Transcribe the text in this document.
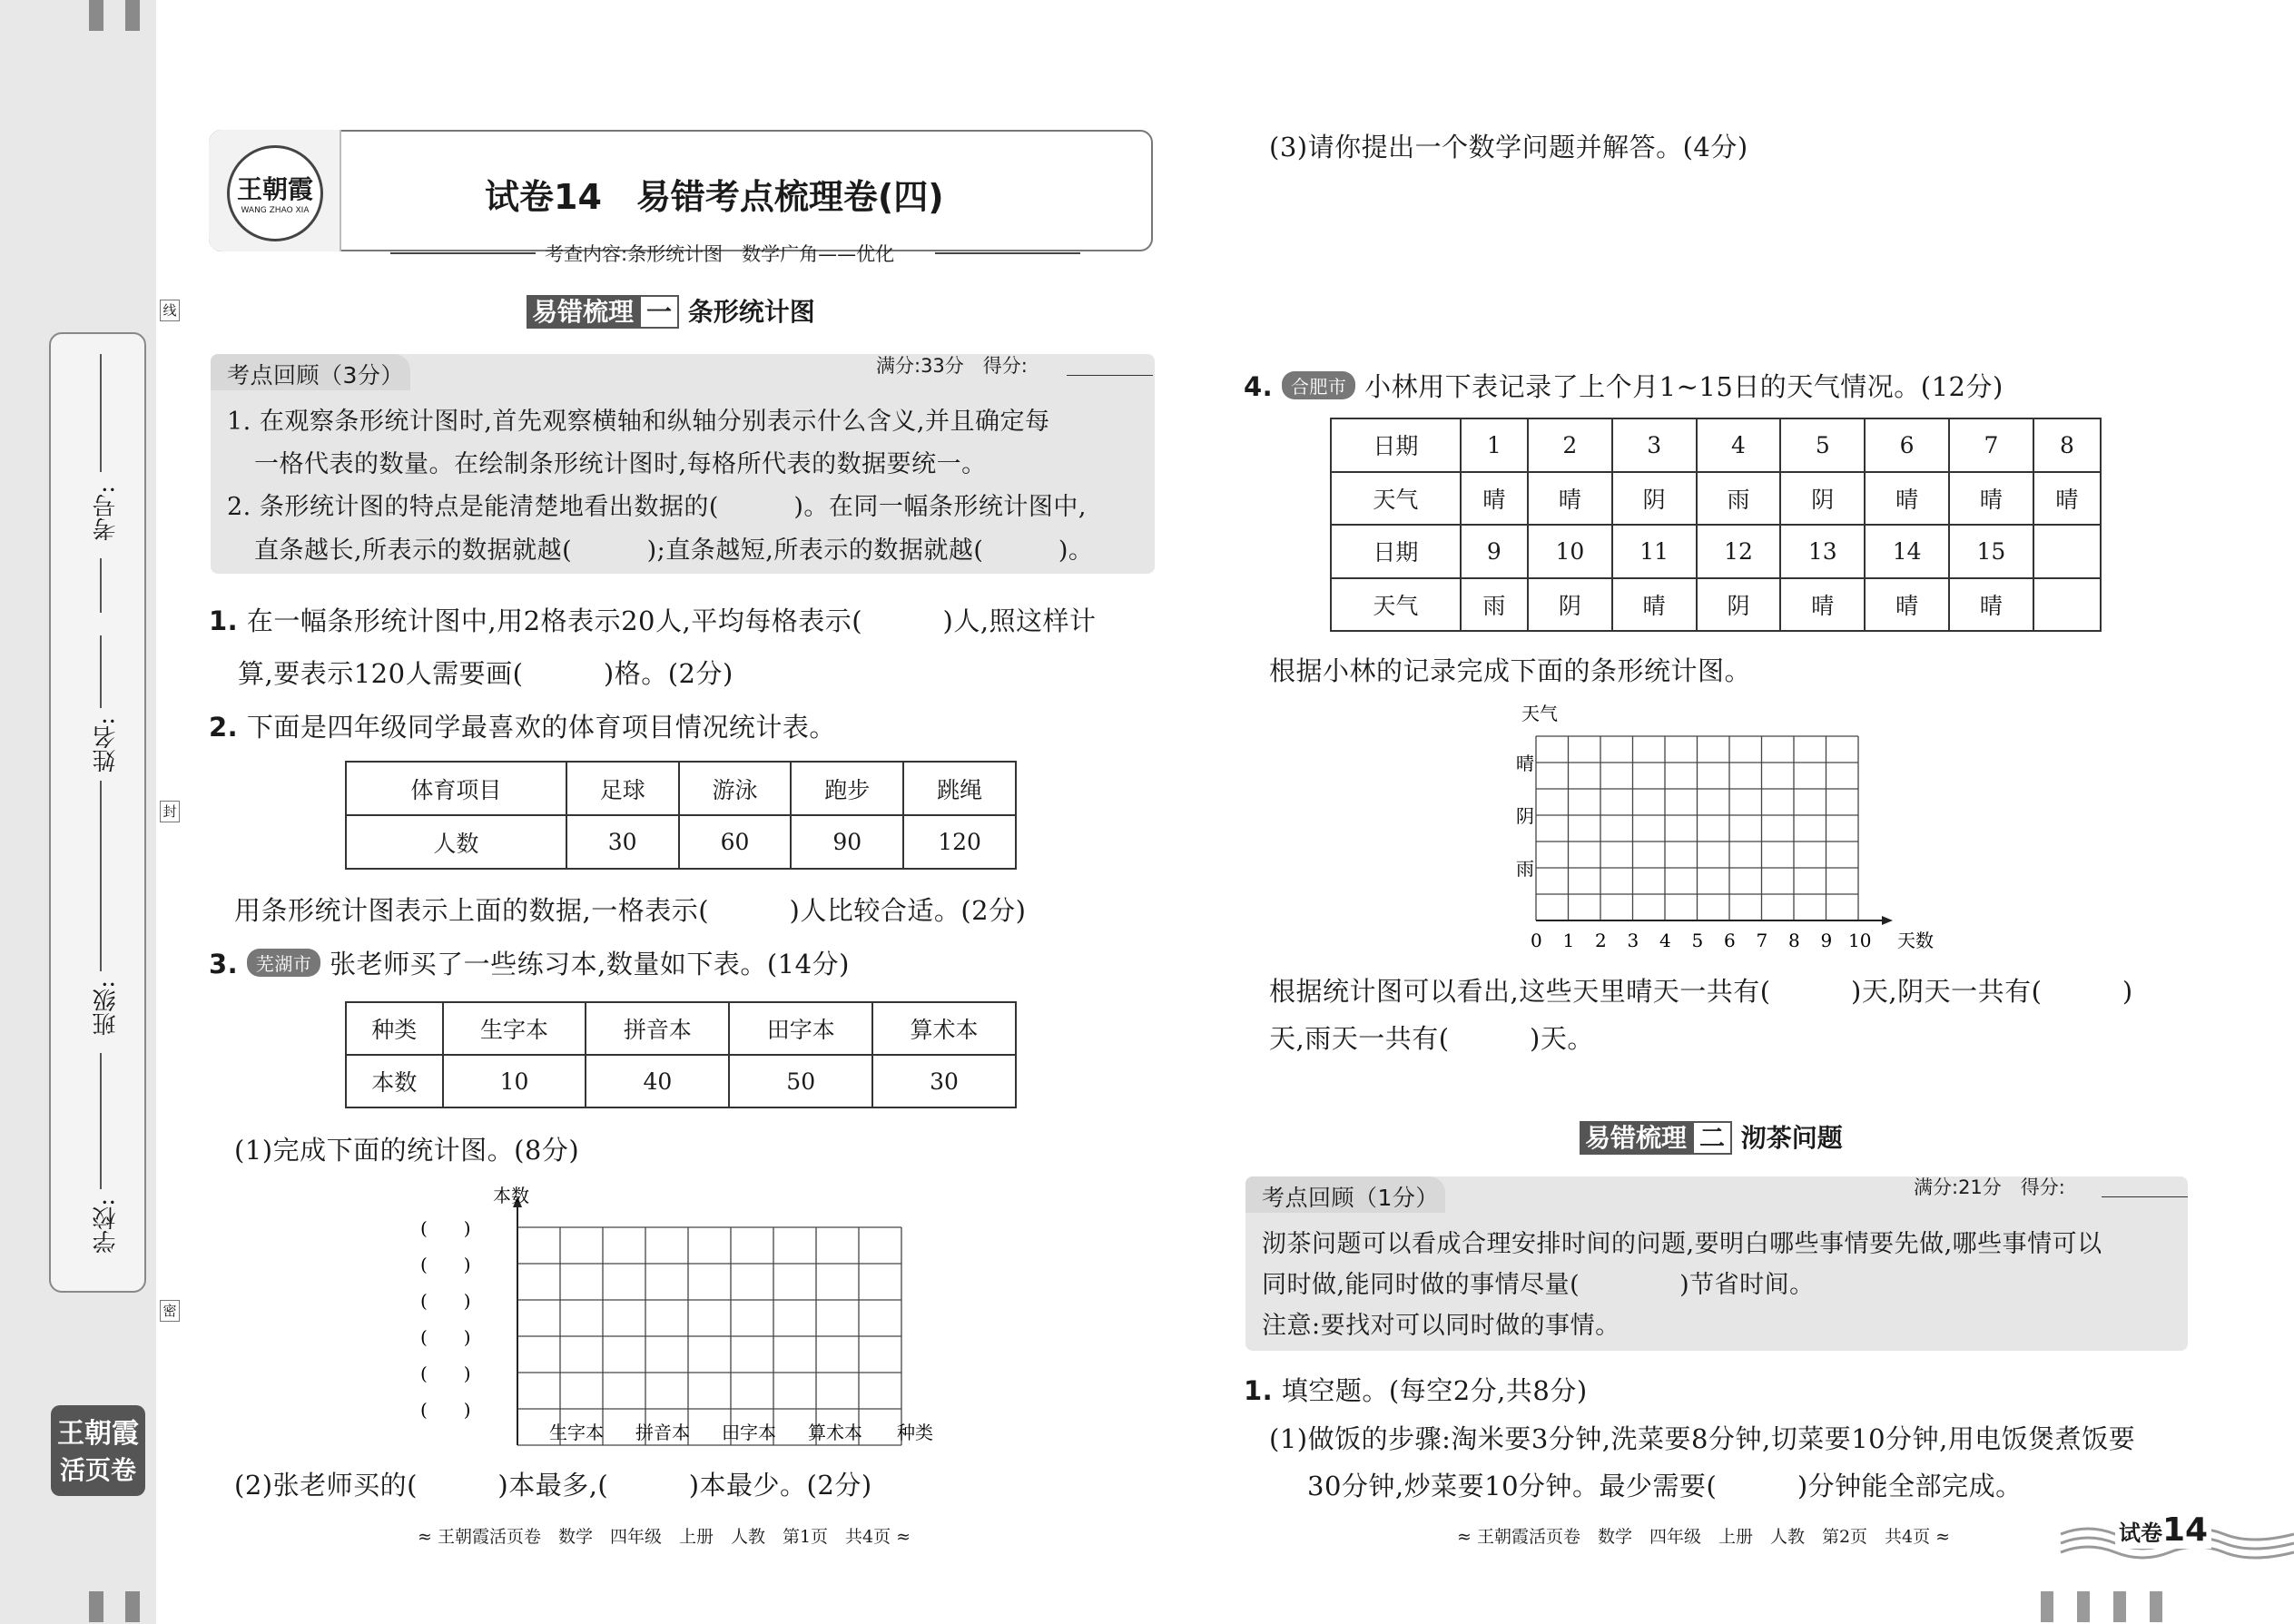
考号:
姓名:
班级:
学校:
线
封
密
王朝霞
活页卷
王朝霞
WANG ZHAO XIA	试卷14　易错考点梳理卷(四)
考查内容:条形统计图　数学广角——优化
易错梳理 一 条形统计图
考点回顾（3分）	满分:33分　得分:
1. 在观察条形统计图时,首先观察横轴和纵轴分别表示什么含义,并且确定每
一格代表的数量。在绘制条形统计图时,每格所代表的数据要统一。
2. 条形统计图的特点是能清楚地看出数据的(　　　)。在同一幅条形统计图中,
直条越长,所表示的数据就越(　　　);直条越短,所表示的数据就越(　　　)。
1. 在一幅条形统计图中,用2格表示20人,平均每格表示(　　　)人,照这样计
算,要表示120人需要画(　　　)格。(2分)
2. 下面是四年级同学最喜欢的体育项目情况统计表。
体育项目	足球	游泳	跑步	跳绳
人数	30	60	90	120
用条形统计图表示上面的数据,一格表示(　　　)人比较合适。(2分)
3. 芜湖市 张老师买了一些练习本,数量如下表。(14分)
种类	生字本	拼音本	田字本	算术本
本数	10	40	50	30
(1)完成下面的统计图。(8分)
本数
种类
(　　)
(　　)
(　　)
(　　)
(　　)
(　　)
生字本 拼音本 田字本 算术本
(2)张老师买的(　　　)本最多,(　　　)本最少。(2分)
≈ 王朝霞活页卷　数学　四年级　上册　人教　第1页　共4页 ≈
(3)请你提出一个数学问题并解答。(4分)
4. 合肥市 小林用下表记录了上个月1~15日的天气情况。(12分)
日期	1	2	3	4	5	6	7	8
天气	晴	晴	阴	雨	阴	晴	晴	晴
日期	9	10	11	12	13	14	15	
天气	雨	阴	晴	阴	晴	晴	晴	
根据小林的记录完成下面的条形统计图。
天气
天数
晴
阴
雨
0 1 2 3 4 5 6 7 8 9 10
根据统计图可以看出,这些天里晴天一共有(　　　)天,阴天一共有(　　　)
天,雨天一共有(　　　)天。
易错梳理 二 沏茶问题
考点回顾（1分）	满分:21分　得分:
沏茶问题可以看成合理安排时间的问题,要明白哪些事情要先做,哪些事情可以
同时做,能同时做的事情尽量(　　　　)节省时间。
注意:要找对可以同时做的事情。
1. 填空题。(每空2分,共8分)
(1)做饭的步骤:淘米要3分钟,洗菜要8分钟,切菜要10分钟,用电饭煲煮饭要
30分钟,炒菜要10分钟。最少需要(　　　)分钟能全部完成。
≈ 王朝霞活页卷　数学　四年级　上册　人教　第2页　共4页 ≈	试卷14
